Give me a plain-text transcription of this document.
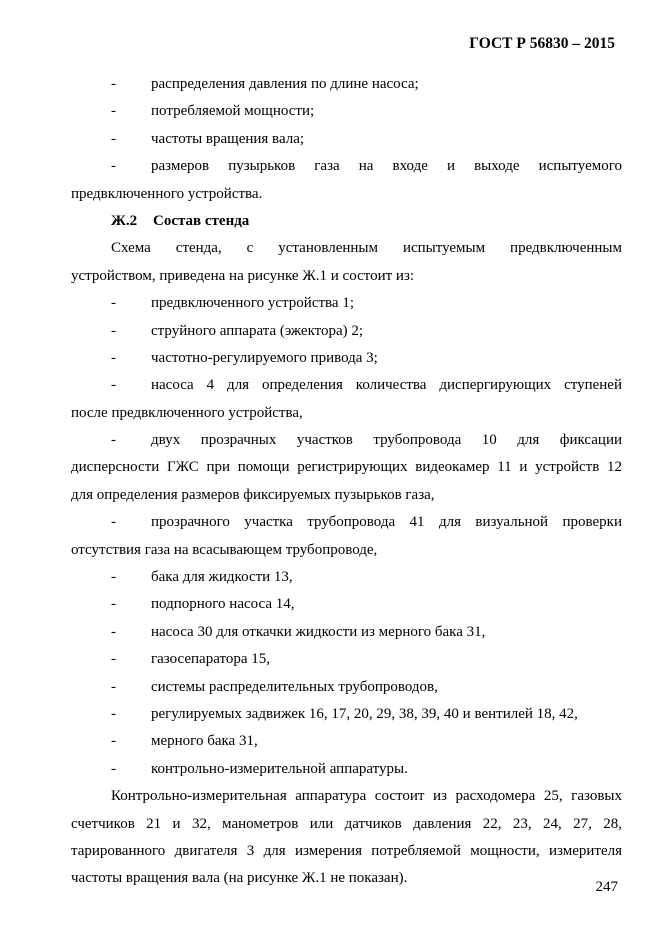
ГОСТ Р 56830 – 2015
-	распределения давления по длине насоса;
-	потребляемой мощности;
-	частоты вращения вала;
-	размеров пузырьков газа на входе и выходе испытуемого
предвключенного устройства.
Ж.2 Состав стенда
Схема стенда, с установленным испытуемым предвключенным
устройством, приведена на рисунке Ж.1 и состоит из:
-	предвключенного устройства 1;
-	струйного аппарата (эжектора) 2;
-	частотно-регулируемого привода 3;
-	насоса 4 для определения количества диспергирующих ступеней
после предвключенного устройства,
-	двух прозрачных участков трубопровода 10 для фиксации
дисперсности ГЖС при помощи регистрирующих видеокамер 11 и устройств 12
для определения размеров фиксируемых пузырьков газа,
-	прозрачного участка трубопровода 41 для визуальной проверки
отсутствия газа на всасывающем трубопроводе,
-	бака для жидкости 13,
-	подпорного насоса 14,
-	насоса 30 для откачки жидкости из мерного бака 31,
-	газосепаратора 15,
-	системы распределительных трубопроводов,
-	регулируемых задвижек 16, 17, 20, 29, 38, 39, 40 и вентилей 18, 42,
-	мерного бака 31,
-	контрольно-измерительной аппаратуры.
Контрольно-измерительная аппаратура состоит из расходомера 25, газовых
счетчиков 21 и 32, манометров или датчиков давления 22, 23, 24, 27, 28,
тарированного двигателя 3 для измерения потребляемой мощности, измерителя
частоты вращения вала (на рисунке Ж.1 не показан).
247
